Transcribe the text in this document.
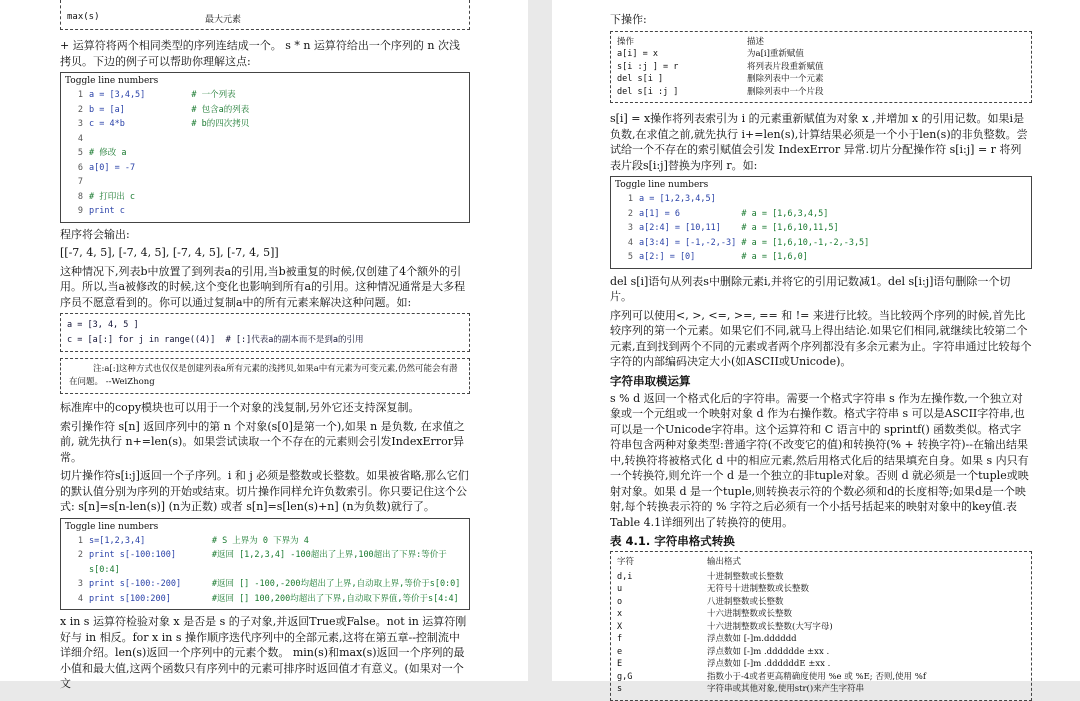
max(s)	最大元素

+ 运算符将两个相同类型的序列连结成一个。 s * n 运算符给出一个序列的 n 次浅拷贝。下边的例子可以帮助你理解这点:

Toggle line numbers
1 a = [3,4,5]         # 一个列表
2 b = [a]             # 包含a的列表
3 c = 4*b             # b的四次拷贝
4
5 # 修改 a
6 a[0] = -7
7
8 # 打印出 c
9 print c

程序将会输出:

[[-7, 4, 5], [-7, 4, 5], [-7, 4, 5], [-7, 4, 5]]

这种情况下,列表b中放置了到列表a的引用,当b被重复的时候,仅创建了4个额外的引用。所以,当a被修改的时候,这个变化也影响到所有a的引用。这种情况通常是大多程序员不愿意看到的。你可以通过复制a中的所有元素来解决这种问题。如:

a = [3, 4, 5 ]
c = [a[:] for j in range((4)]  # [:]代表a的副本而不是到a的引用
注:a[:]这种方式也仅仅是创建列表a所有元素的浅拷贝,如果a中有元素为可变元素,仍然可能会有潜在问题。 --WeiZhong

标准库中的copy模块也可以用于一个对象的浅复制,另外它还支持深复制。

索引操作符 s[n] 返回序列中的第 n 个对象(s[0]是第一个),如果 n 是负数, 在求值之前, 就先执行 n+=len(s)。如果尝试读取一个不存在的元素则会引发IndexError异常。

切片操作符s[i:j]返回一个子序列。i 和 j 必须是整数或长整数。如果被省略,那么它们的默认值分别为序列的开始或结束。切片操作同样允许负数索引。你只要记住这个公式: s[n]=s[n-len(s)] (n为正数) 或者 s[n]=s[len(s)+n] (n为负数)就行了。

Toggle line numbers
1 s=[1,2,3,4]             # S 上界为 0 下界为 4
2 print s[-100:100]       #返回 [1,2,3,4] -100超出了上界,100超出了下界:等价于 s[0:4]
3 print s[-100:-200]      #返回 [] -100,-200均超出了上界,自动取上界,等价于s[0:0]
4 print s[100:200]        #返回 [] 100,200均超出了下界,自动取下界值,等价于s[4:4]

x in s 运算符检验对象 x 是否是 s 的子对象,并返回True或False。not in 运算符刚好与 in 相反。for x in s 操作顺序迭代序列中的全部元素,这将在第五章--控制流中详细介绍。len(s)返回一个序列中的元素个数。 min(s)和max(s)返回一个序列的最小值和最大值,这两个函数只有序列中的元素可排序时返回值才有意义。(如果对一个文

下操作:

操作	描述
a[i] = x	为a[i]重新赋值
s[i :j ] = r	将列表片段重新赋值
del s[i ]	删除列表中一个元素
del s[i :j ]	删除列表中一个片段

s[i] = x操作将列表索引为 i 的元素重新赋值为对象 x ,并增加 x 的引用记数。如果i是负数,在求值之前,就先执行 i+=len(s),计算结果必须是一个小于len(s)的非负整数。尝试给一个不存在的索引赋值会引发 IndexError 异常.切片分配操作符 s[i:j] = r 将列表片段s[i:j]替换为序列 r。如:

Toggle line numbers
1 a = [1,2,3,4,5]
2 a[1] = 6            # a = [1,6,3,4,5]
3 a[2:4] = [10,11]    # a = [1,6,10,11,5]
4 a[3:4] = [-1,-2,-3] # a = [1,6,10,-1,-2,-3,5]
5 a[2:] = [0]         # a = [1,6,0]

del s[i]语句从列表s中删除元素i,并将它的引用记数减1。del s[i:j]语句删除一个切片。

序列可以使用<, >, <=, >=, == 和 != 来进行比较。当比较两个序列的时候,首先比较序列的第一个元素。如果它们不同,就马上得出结论.如果它们相同,就继续比较第二个元素,直到找到两个不同的元素或者两个序列都没有多余元素为止。字符串通过比较每个字符的内部编码决定大小(如ASCII或Unicode)。

字符串取模运算

s % d 返回一个格式化后的字符串。需要一个格式字符串 s 作为左操作数,一个独立对象或一个元组或一个映射对象 d 作为右操作数。格式字符串 s 可以是ASCII字符串,也可以是一个Unicode字符串。这个运算符和 C 语言中的 sprintf() 函数类似。格式字符串包含两种对象类型:普通字符(不改变它的值)和转换符(% + 转换字符)--在输出结果中,转换符将被格式化 d 中的相应元素,然后用格式化后的结果填充自身。如果 s 内只有一个转换符,则允许一个 d 是一个独立的非tuple对象。否则 d 就必须是一个tuple或映射对象。如果 d 是一个tuple,则转换表示符的个数必须和d的长度相等;如果d是一个映射,每个转换表示符的 % 字符之后必须有一个小括号括起来的映射对象中的key值.表Table 4.1详细列出了转换符的使用。

表 4.1. 字符串格式转换
字符	输出格式
d,i	十进制整数或长整数
u	无符号十进制整数或长整数
o	八进制整数或长整数
x	十六进制整数或长整数
X	十六进制整数或长整数(大写字母)
f	浮点数如 [-]m.dddddd
e	浮点数如 [-]m .dddddde ±xx .
E	浮点数如 [-]m .ddddddE ±xx .
g,G	指数小于-4或者更高精确度使用 %e 或 %E; 否则,使用 %f
s	字符串或其他对象,使用str()来产生字符串
